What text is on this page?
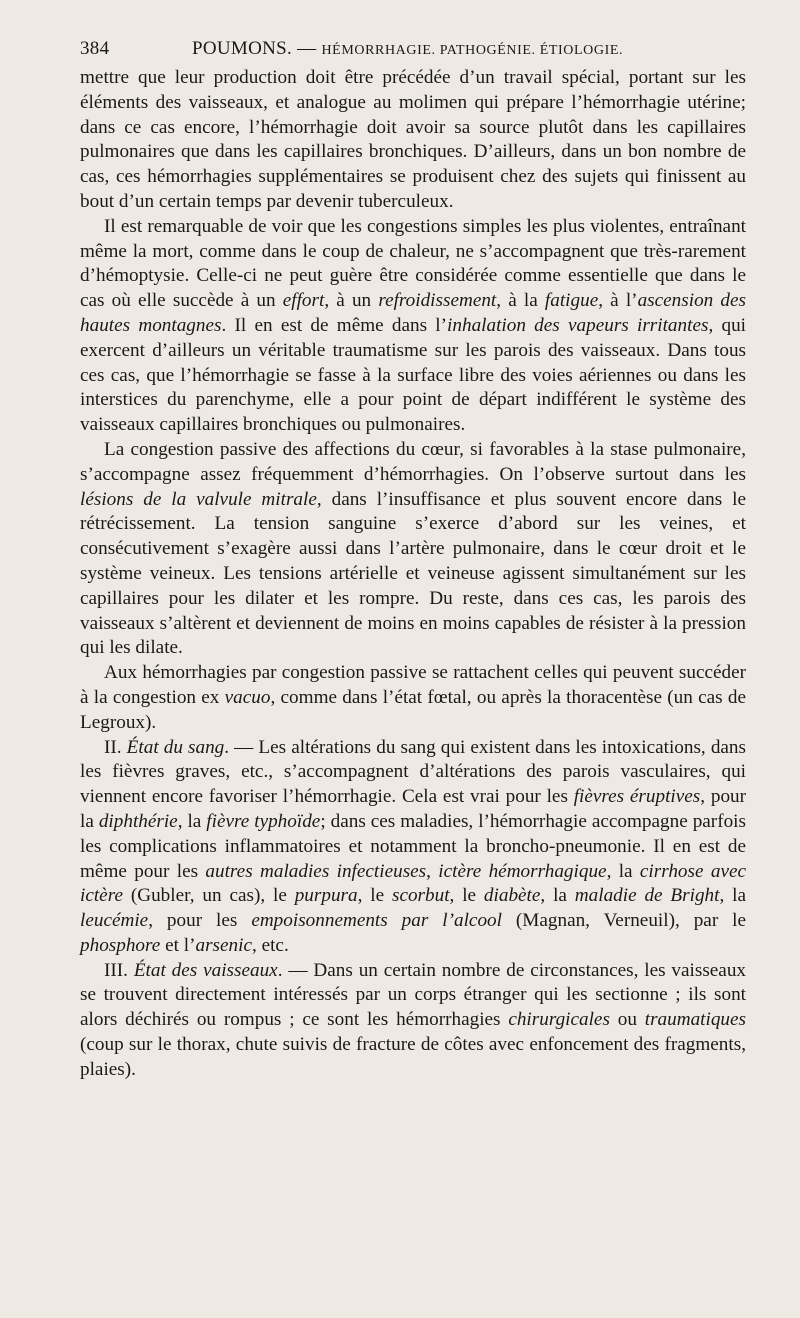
384	POUMONS. — HÉMORRHAGIE. PATHOGÉNIE. ÉTIOLOGIE.

mettre que leur production doit être précédée d’un travail spécial, portant sur les éléments des vaisseaux, et analogue au molimen qui prépare l’hémorrhagie utérine; dans ce cas encore, l’hémorrhagie doit avoir sa source plutôt dans les capillaires pulmonaires que dans les capillaires bronchiques. D’ailleurs, dans un bon nombre de cas, ces hémorrhagies supplémentaires se produisent chez des sujets qui finissent au bout d’un certain temps par devenir tuberculeux.

Il est remarquable de voir que les congestions simples les plus violentes, entraînant même la mort, comme dans le coup de chaleur, ne s’accompagnent que très-rarement d’hémoptysie. Celle-ci ne peut guère être considérée comme essentielle que dans le cas où elle succède à un effort, à un refroidissement, à la fatigue, à l’ascension des hautes montagnes. Il en est de même dans l’inhalation des vapeurs irritantes, qui exercent d’ailleurs un véritable traumatisme sur les parois des vaisseaux. Dans tous ces cas, que l’hémorrhagie se fasse à la surface libre des voies aériennes ou dans les interstices du parenchyme, elle a pour point de départ indifférent le système des vaisseaux capillaires bronchiques ou pulmonaires.

La congestion passive des affections du cœur, si favorables à la stase pulmonaire, s’accompagne assez fréquemment d’hémorrhagies. On l’observe surtout dans les lésions de la valvule mitrale, dans l’insuffisance et plus souvent encore dans le rétrécissement. La tension sanguine s’exerce d’abord sur les veines, et consécutivement s’exagère aussi dans l’artère pulmonaire, dans le cœur droit et le système veineux. Les tensions artérielle et veineuse agissent simultanément sur les capillaires pour les dilater et les rompre. Du reste, dans ces cas, les parois des vaisseaux s’altèrent et deviennent de moins en moins capables de résister à la pression qui les dilate.

Aux hémorrhagies par congestion passive se rattachent celles qui peuvent succéder à la congestion ex vacuo, comme dans l’état fœtal, ou après la thoracentèse (un cas de Legroux).

II. État du sang. — Les altérations du sang qui existent dans les intoxications, dans les fièvres graves, etc., s’accompagnent d’altérations des parois vasculaires, qui viennent encore favoriser l’hémorrhagie. Cela est vrai pour les fièvres éruptives, pour la diphthérie, la fièvre typhoïde; dans ces maladies, l’hémorrhagie accompagne parfois les complications inflammatoires et notamment la broncho-pneumonie. Il en est de même pour les autres maladies infectieuses, ictère hémorrhagique, la cirrhose avec ictère (Gubler, un cas), le purpura, le scorbut, le diabète, la maladie de Bright, la leucémie, pour les empoisonnements par l’alcool (Magnan, Verneuil), par le phosphore et l’arsenic, etc.

III. État des vaisseaux. — Dans un certain nombre de circonstances, les vaisseaux se trouvent directement intéressés par un corps étranger qui les sectionne ; ils sont alors déchirés ou rompus ; ce sont les hémorrhagies chirurgicales ou traumatiques (coup sur le thorax, chute suivis de fracture de côtes avec enfoncement des fragments, plaies).
